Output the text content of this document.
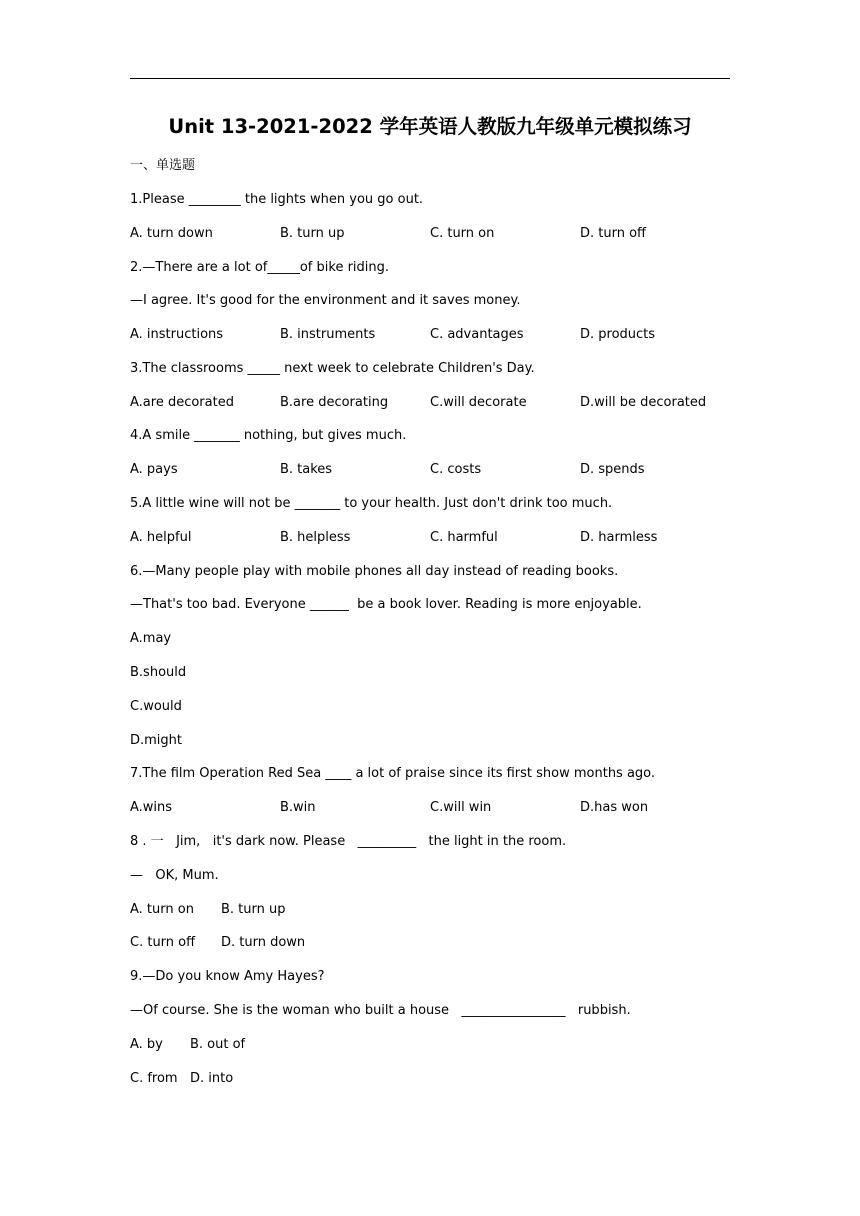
Unit 13-2021-2022 学年英语人教版九年级单元模拟练习
一、单选题
1.Please ________ the lights when you go out.
A. turn down	B. turn up	C. turn on	D. turn off
2.—There are a lot of_____of bike riding.
—I agree. It's good for the environment and it saves money.
A. instructions	B. instruments	C. advantages	D. products
3.The classrooms _____ next week to celebrate Children's Day.
A.are decorated	B.are decorating	C.will decorate	D.will be decorated
4.A smile _______ nothing, but gives much.
A. pays	B. takes	C. costs	D. spends
5.A little wine will not be _______ to your health. Just don't drink too much.
A. helpful	B. helpless	C. harmful	D. harmless
6.—Many people play with mobile phones all day instead of reading books.
—That's too bad. Everyone ______  be a book lover. Reading is more enjoyable.
A.may
B.should
C.would
D.might
7.The film Operation Red Sea ____ a lot of praise since its first show months ago.
A.wins	B.win	C.will win	D.has won
8 . 一   Jim,   it's dark now. Please   _________   the light in the room.
—   OK, Mum.
A. turn on B. turn up
C. turn off D. turn down
9.—Do you know Amy Hayes?
—Of course. She is the woman who built a house   ________________   rubbish.
A. by B. out of
C. from D. into
